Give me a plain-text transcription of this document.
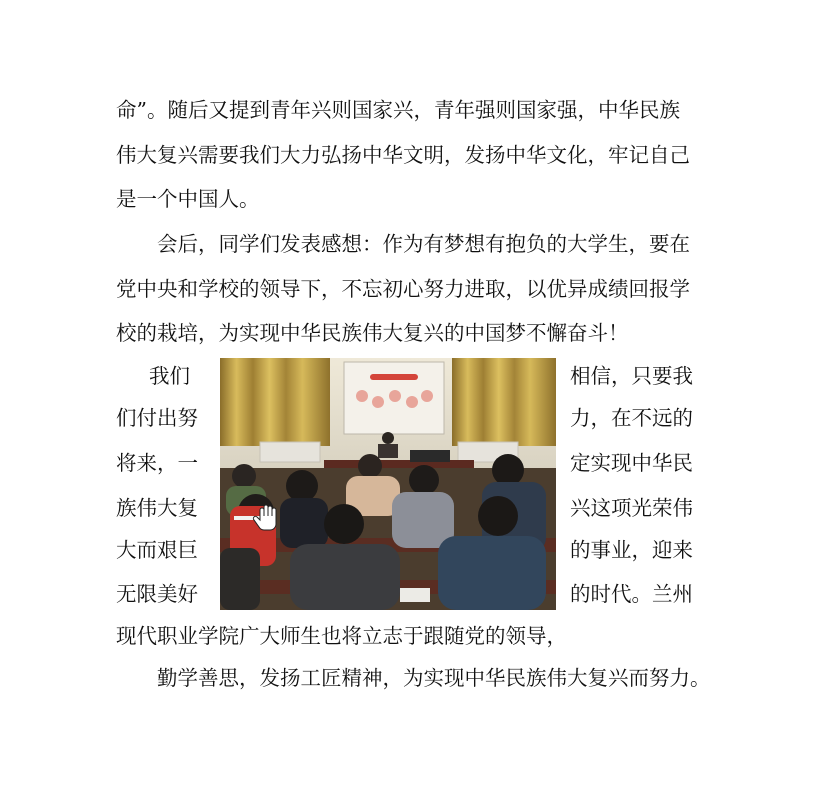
命”。随后又提到青年兴则国家兴，青年强则国家强，中华民族
伟大复兴需要我们大力弘扬中华文明，发扬中华文化，牢记自己
是一个中国人。
会后，同学们发表感想：作为有梦想有抱负的大学生，要在
党中央和学校的领导下，不忘初心努力进取，以优异成绩回报学
校的栽培，为实现中华民族伟大复兴的中国梦不懈奋斗！
我们
们付出努
将来，一
族伟大复
大而艰巨
无限美好
相信，只要我
力，在不远的
定实现中华民
兴这项光荣伟
的事业，迎来
的时代。兰州
现代职业学院广大师生也将立志于跟随党的领导，
勤学善思，发扬工匠精神，为实现中华民族伟大复兴而努力。
